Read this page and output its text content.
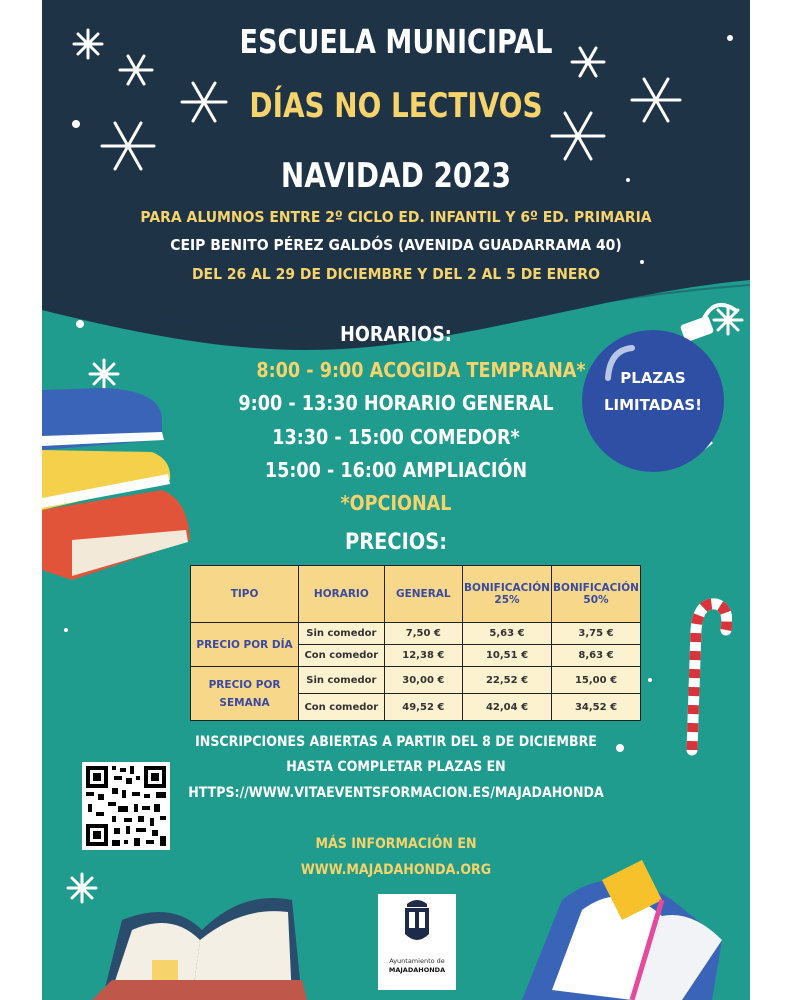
PLAZAS
LIMITADAS!
ESCUELA MUNICIPAL
DÍAS NO LECTIVOS
NAVIDAD 2023
PARA ALUMNOS ENTRE 2º CICLO ED. INFANTIL Y 6º ED. PRIMARIA
CEIP BENITO PÉREZ GALDÓS (AVENIDA GUADARRAMA 40)
DEL 26 AL 29 DE DICIEMBRE Y DEL 2 AL 5 DE ENERO
HORARIOS:
8:00 - 9:00 ACOGIDA TEMPRANA*
9:00 - 13:30 HORARIO GENERAL
13:30 - 15:00 COMEDOR*
15:00 - 16:00 AMPLIACIÓN
*OPCIONAL
PRECIOS:
TIPO	HORARIO	GENERAL	BONIFICACIÓN 25%	BONIFICACIÓN 50%
PRECIO POR DÍA	Sin comedor	7,50 €	5,63 €	3,75 €
	Con comedor	12,38 €	10,51 €	8,63 €
PRECIO POR SEMANA	Sin comedor	30,00 €	22,52 €	15,00 €
	Con comedor	49,52 €	42,04 €	34,52 €
INSCRIPCIONES ABIERTAS A PARTIR DEL 8 DE DICIEMBRE
HASTA COMPLETAR PLAZAS EN
HTTPS://WWW.VITAEVENTSFORMACION.ES/MAJADAHONDA
MÁS INFORMACIÓN EN
WWW.MAJADAHONDA.ORG
Ayuntamiento de
MAJADAHONDA
